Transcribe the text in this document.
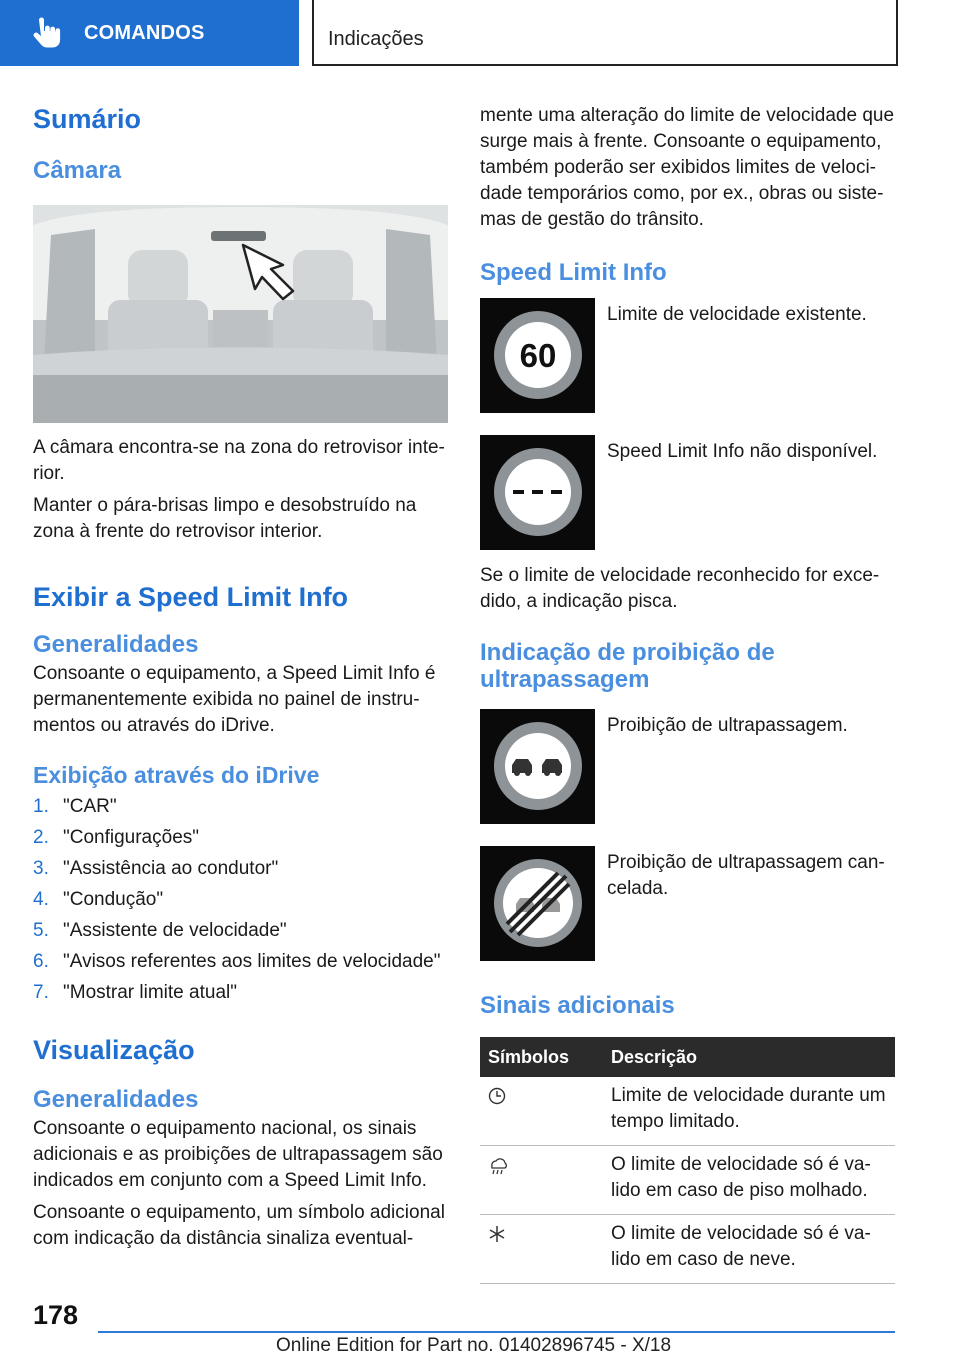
COMANDOS	Indicações
Sumário
Câmara

A câmara encontra-se na zona do retrovisor inte-rior.

Manter o pára-brisas limpo e desobstruído na zona à frente do retrovisor interior.

Exibir a Speed Limit Info
Generalidades

Consoante o equipamento, a Speed Limit Info é permanentemente exibida no painel de instru-mentos ou através do iDrive.

Exibição através do iDrive
1. "CAR"
2. "Configurações"
3. "Assistência ao condutor"
4. "Condução"
5. "Assistente de velocidade"
6. "Avisos referentes aos limites de velocidade"
7. "Mostrar limite atual"
Visualização
Generalidades

Consoante o equipamento nacional, os sinais adicionais e as proibições de ultrapassagem são indicados em conjunto com a Speed Limit Info.

Consoante o equipamento, um símbolo adicional com indicação da distância sinaliza eventual-

mente uma alteração do limite de velocidade que surge mais à frente. Consoante o equipamento, também poderão ser exibidos limites de veloci-dade temporários como, por ex., obras ou siste-mas de gestão do trânsito.

Speed Limit Info
60
Limite de velocidade existente.
Speed Limit Info não disponível.

Se o limite de velocidade reconhecido for exce-dido, a indicação pisca.

Indicação de proibição de ultrapassagem
Proibição de ultrapassagem.
Proibição de ultrapassagem can-celada.
Sinais adicionais
Símbolos	Descrição
	Limite de velocidade durante um tempo limitado.
	O limite de velocidade só é va-lido em caso de piso molhado.
	O limite de velocidade só é va-lido em caso de neve.
178
Online Edition for Part no. 01402896745 - X/18
